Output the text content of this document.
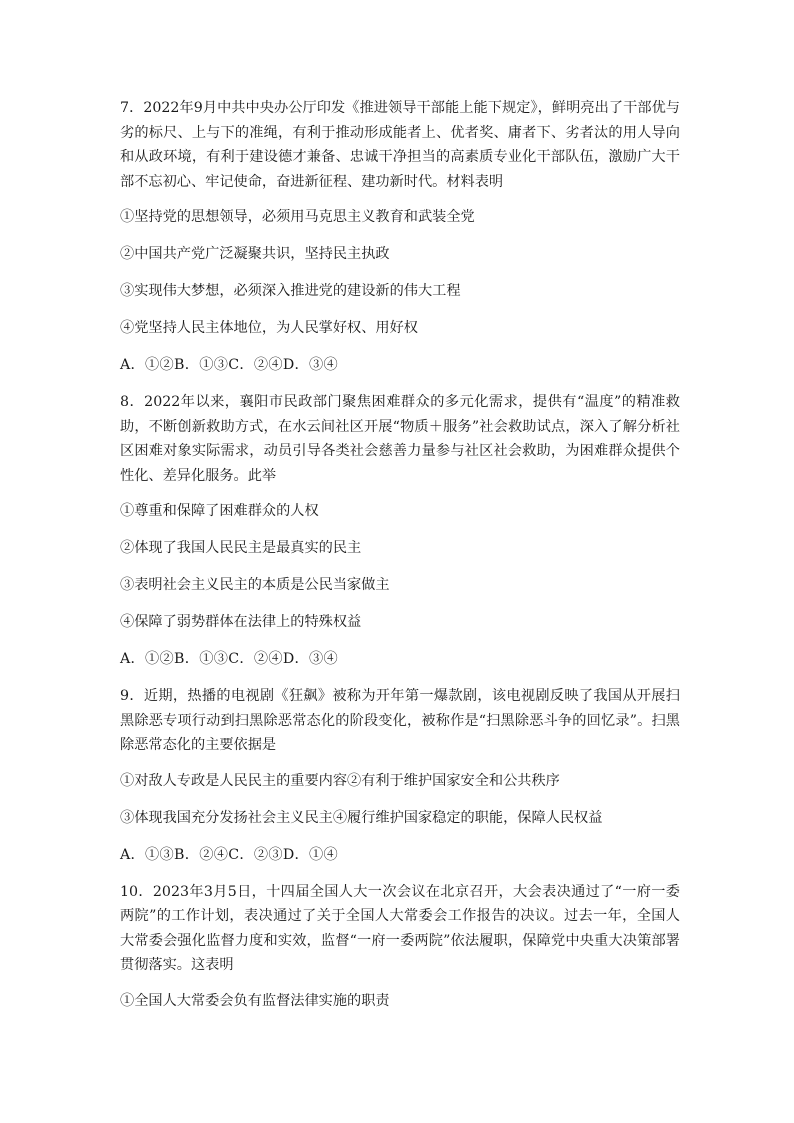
7．2022年9月中共中央办公厅印发《推进领导干部能上能下规定》，鲜明亮出了干部优与劣的标尺、上与下的准绳，有利于推动形成能者上、优者奖、庸者下、劣者汰的用人导向和从政环境，有利于建设德才兼备、忠诚干净担当的高素质专业化干部队伍，激励广大干部不忘初心、牢记使命，奋进新征程、建功新时代。材料表明

①坚持党的思想领导，必须用马克思主义教育和武装全党

②中国共产党广泛凝聚共识，坚持民主执政

③实现伟大梦想，必须深入推进党的建设新的伟大工程

④党坚持人民主体地位，为人民掌好权、用好权

A．①②B．①③C．②④D．③④

8．2022年以来，襄阳市民政部门聚焦困难群众的多元化需求，提供有“温度”的精准救助，不断创新救助方式，在水云间社区开展“物质＋服务”社会救助试点，深入了解分析社区困难对象实际需求，动员引导各类社会慈善力量参与社区社会救助，为困难群众提供个性化、差异化服务。此举

①尊重和保障了困难群众的人权

②体现了我国人民民主是最真实的民主

③表明社会主义民主的本质是公民当家做主

④保障了弱势群体在法律上的特殊权益

A．①②B．①③C．②④D．③④

9．近期，热播的电视剧《狂飙》被称为开年第一爆款剧，该电视剧反映了我国从开展扫黑除恶专项行动到扫黑除恶常态化的阶段变化，被称作是“扫黑除恶斗争的回忆录”。扫黑除恶常态化的主要依据是

①对敌人专政是人民民主的重要内容②有利于维护国家安全和公共秩序

③体现我国充分发扬社会主义民主④履行维护国家稳定的职能，保障人民权益

A．①③B．②④C．②③D．①④

10．2023年3月5日，十四届全国人大一次会议在北京召开，大会表决通过了“一府一委两院”的工作计划，表决通过了关于全国人大常委会工作报告的决议。过去一年，全国人大常委会强化监督力度和实效，监督“一府一委两院”依法履职，保障党中央重大决策部署贯彻落实。这表明

①全国人大常委会负有监督法律实施的职责
